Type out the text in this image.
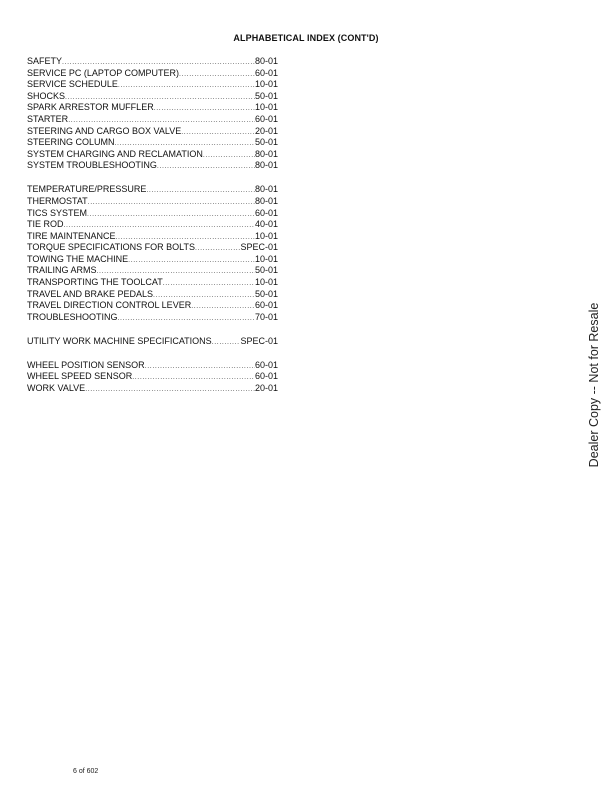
ALPHABETICAL INDEX (CONT'D)
SAFETY .....	80-01
SERVICE PC (LAPTOP COMPUTER) .....	60-01
SERVICE SCHEDULE .....	10-01
SHOCKS .....	50-01
SPARK ARRESTOR MUFFLER .....	10-01
STARTER .....	60-01
STEERING AND CARGO BOX VALVE .....	20-01
STEERING COLUMN .....	50-01
SYSTEM CHARGING AND RECLAMATION .....	80-01
SYSTEM TROUBLESHOOTING .....	80-01
TEMPERATURE/PRESSURE .....	80-01
THERMOSTAT .....	80-01
TICS SYSTEM .....	60-01
TIE ROD .....	40-01
TIRE MAINTENANCE .....	10-01
TORQUE SPECIFICATIONS FOR BOLTS .....	SPEC-01
TOWING THE MACHINE .....	10-01
TRAILING ARMS .....	50-01
TRANSPORTING THE TOOLCAT .....	10-01
TRAVEL AND BRAKE PEDALS .....	50-01
TRAVEL DIRECTION CONTROL LEVER .....	60-01
TROUBLESHOOTING .....	70-01
UTILITY WORK MACHINE SPECIFICATIONS .....	SPEC-01
WHEEL POSITION SENSOR .....	60-01
WHEEL SPEED SENSOR .....	60-01
WORK VALVE .....	20-01	Dealer Copy -- Not for Resale
6 of 602
